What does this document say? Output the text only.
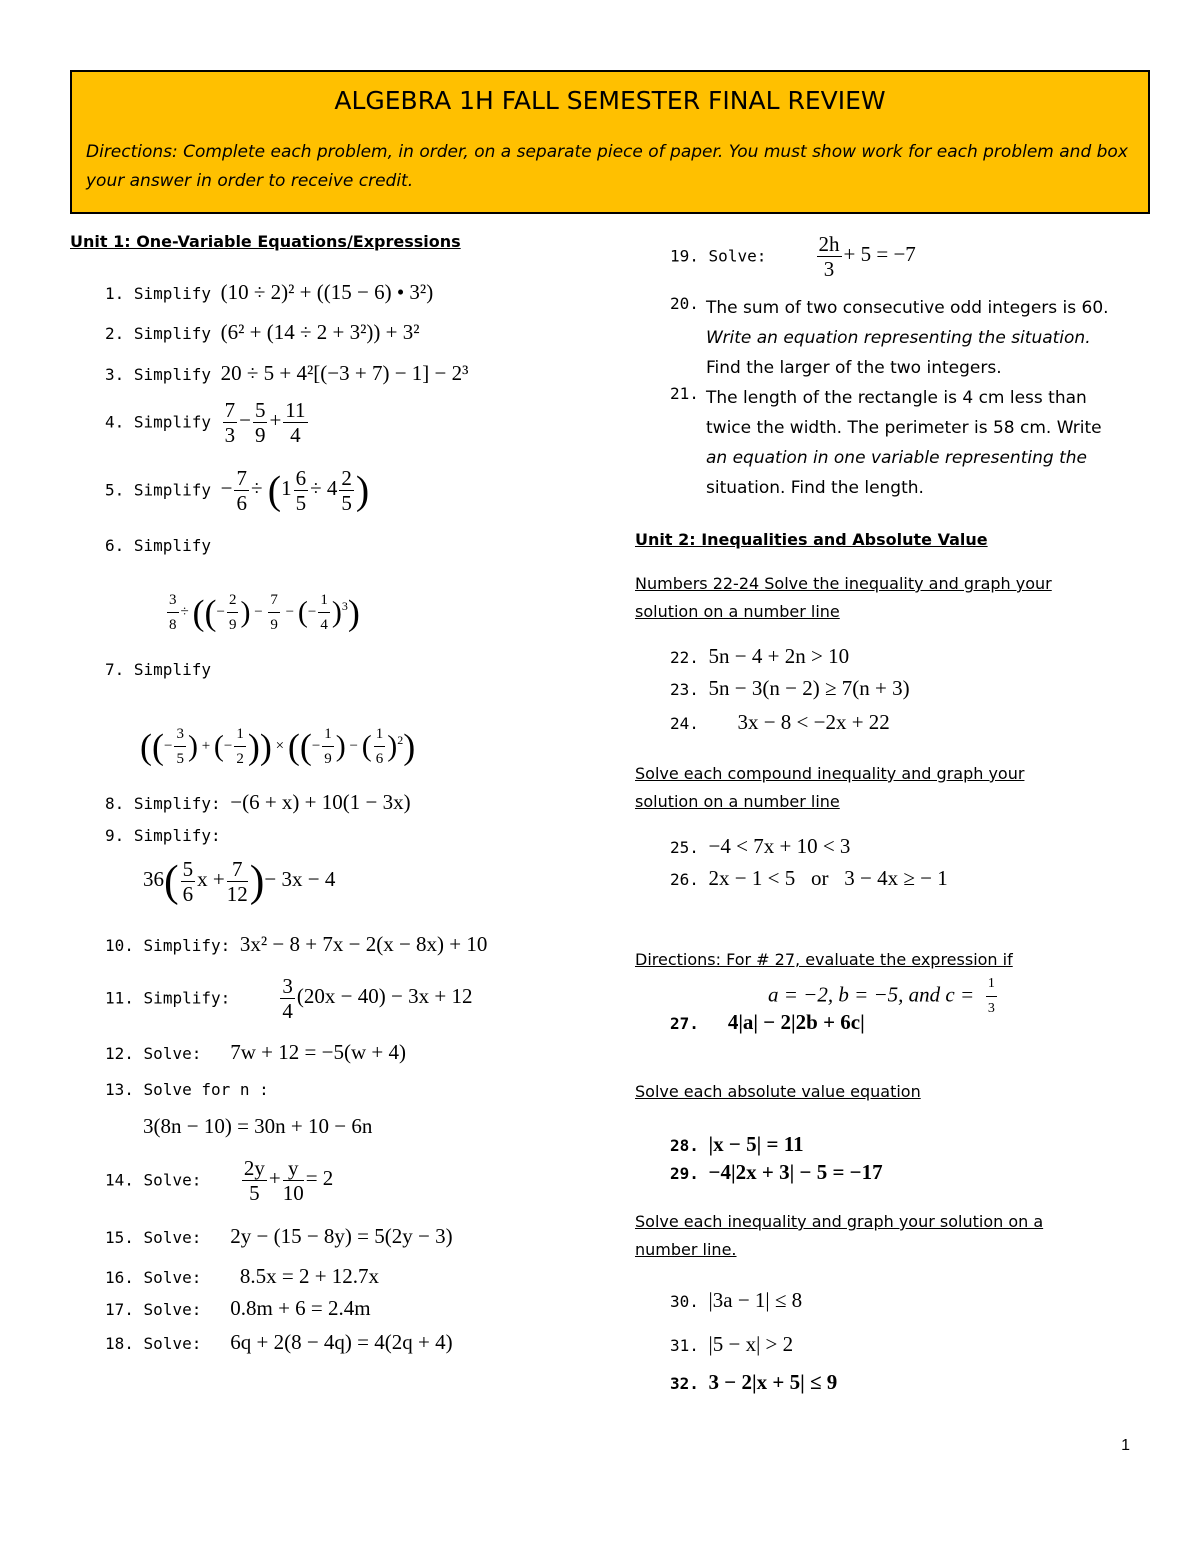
ALGEBRA 1H FALL SEMESTER FINAL REVIEW
Directions: Complete each problem, in order, on a separate piece of paper. You must show work for each problem and box your answer in order to receive credit.
Unit 1: One-Variable Equations/Expressions
1. Simplify (10 ÷ 2)² + ((15 − 6) • 3²)
2. Simplify (6² + (14 ÷ 2 + 3²)) + 3²
3. Simplify 20 ÷ 5 + 4²[(−3 + 7) − 1] − 2³
4. Simplify $\frac{7}{3} - \frac{5}{9} + \frac{11}{4}$
5. Simplify − $\frac{7}{6} \div (1 \frac{6}{5} \div 4 \frac{2}{5}$ )
6. Simplify
$\frac{3}{8}$ ÷ ((− $\frac{2}{9}$ ) − $\frac{7}{9}$ − (− $\frac{1}{4} )^3$)
7. Simplify
((− $\frac{3}{5}$ ) + (− $\frac{1}{2}$ )) × ((− $\frac{1}{9}$ ) − ( $\frac{1}{6} )^2$)
8. Simplify: −(6 + x) + 10(1 − 3x)
9. Simplify:
$36( \frac{5}{6}$ $x + \frac{7}{12}$ )− 3x − 4
10. Simplify: 3x² − 8 + 7x − 2(x − 8x) + 10
11. Simplify: $\frac{3}{4} (20x - 40) - 3x + 12$
12. Solve: 7w + 12 = −5(w + 4)
13. Solve for n :
3(8n − 10) = 30n + 10 − 6n
14. Solve: $\frac{2y}{5} + \frac{y}{10} = 2$
15. Solve: 2y − (15 − 8y) = 5(2y − 3)
16. Solve: 8.5x = 2 + 12.7x
17. Solve: 0.8m + 6 = 2.4m
18. Solve: 6q + 2(8 − 4q) = 4(2q + 4)
19. Solve: $\frac{2h}{3} + 5 = -7$
20. The sum of two consecutive odd integers is 60.
Write an equation representing the situation.
Find the larger of the two integers.
21. The length of the rectangle is 4 cm less than
twice the width. The perimeter is 58 cm. Write
an equation in one variable representing the
situation. Find the length.
Unit 2: Inequalities and Absolute Value
Numbers 22-24 Solve the inequality and graph your
solution on a number line
22. 5n − 4 + 2n > 10
23. 5n − 3(n − 2) ≥ 7(n + 3)
24. 3x − 8 < −2x + 22
Solve each compound inequality and graph your
solution on a number line
25. −4 < 7x + 10 < 3
26. 2x − 1 < 5   or   3 − 4x ≥ − 1
Directions: For # 27, evaluate the expression if
a = −2, b = −5, and $c = \frac{1}{3}$
27. 4|a| − 2|2b + 6c|
Solve each absolute value equation
28. |x − 5| = 11
29. −4|2x + 3| − 5 = −17
Solve each inequality and graph your solution on a
number line.
30. |3a − 1| ≤ 8
31. |5 − x| > 2
32. 3 − 2|x + 5| ≤ 9
1
